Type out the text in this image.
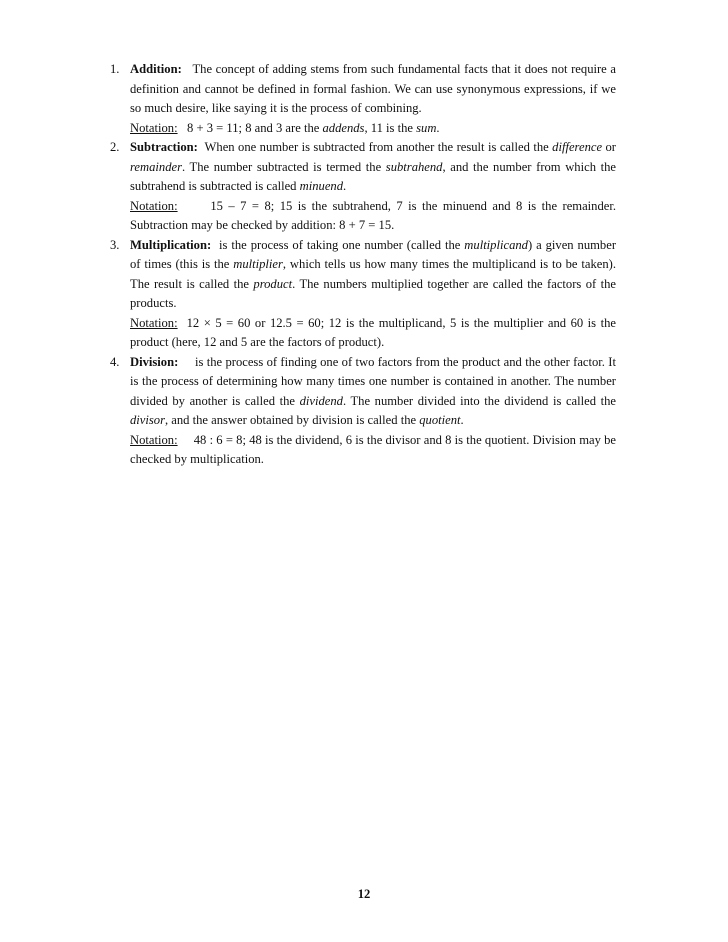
1. Addition: The concept of adding stems from such fundamental facts that it does not require a definition and cannot be defined in formal fashion. We can use synonymous expressions, if we so much desire, like saying it is the process of combining.
Notation: 8 + 3 = 11; 8 and 3 are the addends, 11 is the sum.
2. Subtraction: When one number is subtracted from another the result is called the difference or remainder. The number subtracted is termed the subtrahend, and the number from which the subtrahend is subtracted is called minuend.
Notation:	15 – 7 = 8; 15 is the subtrahend, 7 is the minuend and 8 is the remainder. Subtraction may be checked by addition: 8 + 7 = 15.
3. Multiplication: is the process of taking one number (called the multiplicand) a given number of times (this is the multiplier, which tells us how many times the multiplicand is to be taken). The result is called the product. The numbers multiplied together are called the factors of the products.
Notation: 12 × 5 = 60 or 12.5 = 60; 12 is the multiplicand, 5 is the multiplier and 60 is the product (here, 12 and 5 are the factors of product).
4. Division: is the process of finding one of two factors from the product and the other factor. It is the process of determining how many times one number is contained in another. The number divided by another is called the dividend. The number divided into the dividend is called the divisor, and the answer obtained by division is called the quotient.
Notation: 48 : 6 = 8; 48 is the dividend, 6 is the divisor and 8 is the quotient. Division may be checked by multiplication.
12
